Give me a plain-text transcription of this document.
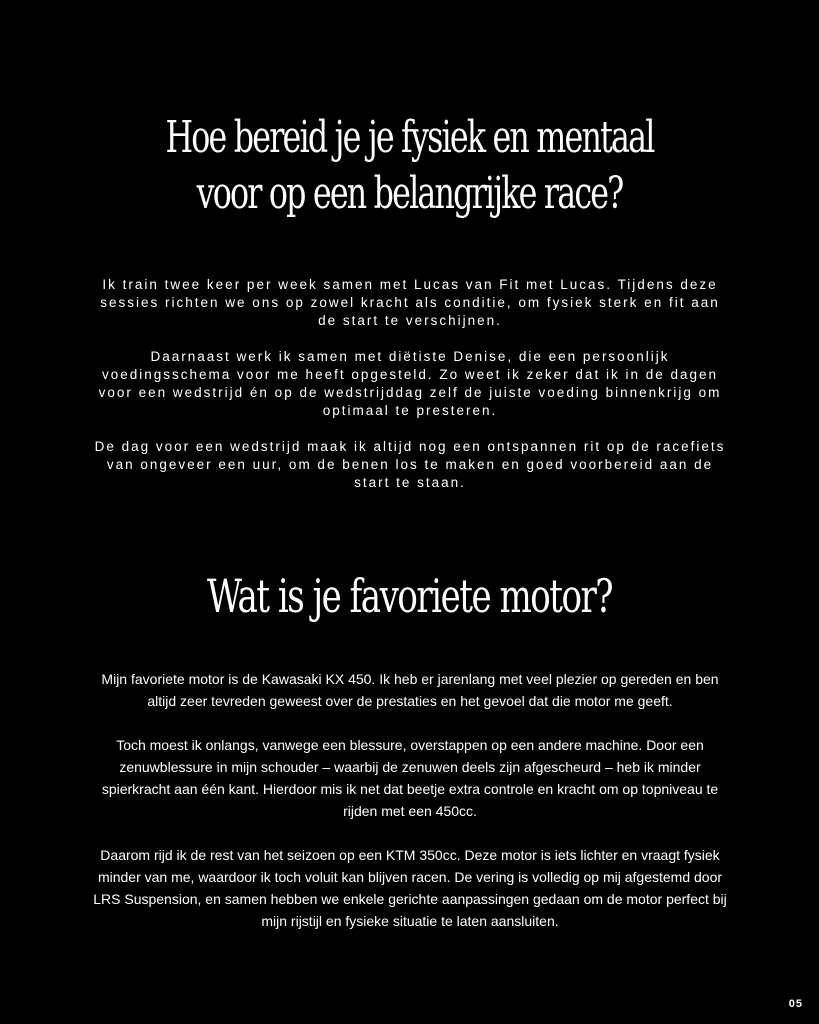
Hoe bereid je je fysiek en mentaal
voor op een belangrijke race?

Ik train twee keer per week samen met Lucas van Fit met Lucas. Tijdens deze
sessies richten we ons op zowel kracht als conditie, om fysiek sterk en fit aan
de start te verschijnen.

Daarnaast werk ik samen met diëtiste Denise, die een persoonlijk
voedingsschema voor me heeft opgesteld. Zo weet ik zeker dat ik in de dagen
voor een wedstrijd én op de wedstrijddag zelf de juiste voeding binnenkrijg om
optimaal te presteren.

De dag voor een wedstrijd maak ik altijd nog een ontspannen rit op de racefiets
van ongeveer een uur, om de benen los te maken en goed voorbereid aan de
start te staan.

Wat is je favoriete motor?

Mijn favoriete motor is de Kawasaki KX 450. Ik heb er jarenlang met veel plezier op gereden en ben
altijd zeer tevreden geweest over de prestaties en het gevoel dat die motor me geeft.

Toch moest ik onlangs, vanwege een blessure, overstappen op een andere machine. Door een
zenuwblessure in mijn schouder – waarbij de zenuwen deels zijn afgescheurd – heb ik minder
spierkracht aan één kant. Hierdoor mis ik net dat beetje extra controle en kracht om op topniveau te
rijden met een 450cc.

Daarom rijd ik de rest van het seizoen op een KTM 350cc. Deze motor is iets lichter en vraagt fysiek
minder van me, waardoor ik toch voluit kan blijven racen. De vering is volledig op mij afgestemd door
LRS Suspension, en samen hebben we enkele gerichte aanpassingen gedaan om de motor perfect bij
mijn rijstijl en fysieke situatie te laten aansluiten.

05
